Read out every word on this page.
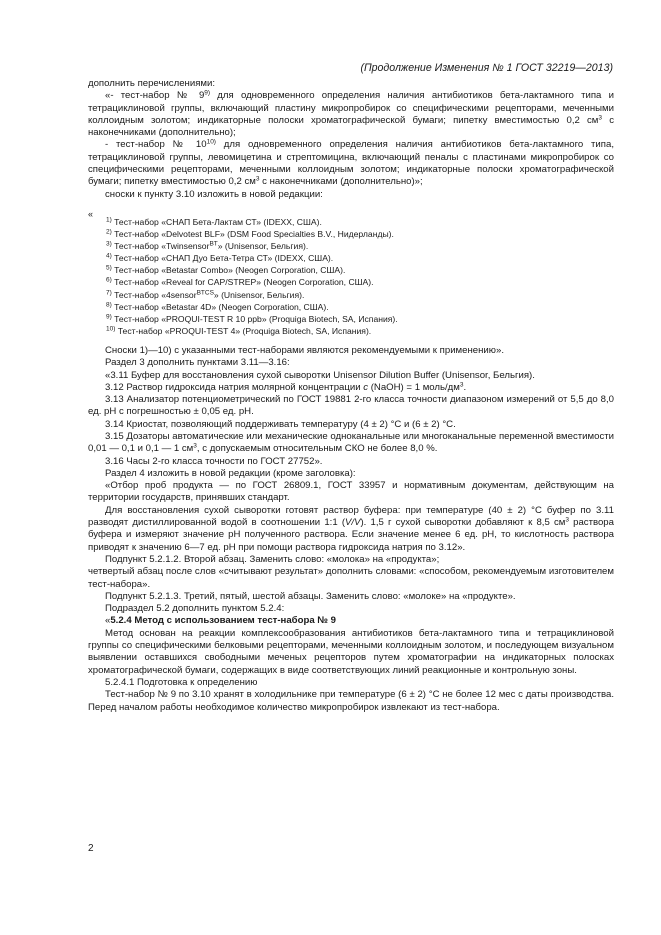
(Продолжение Изменения № 1 ГОСТ 32219—2013)

дополнить перечислениями:

«- тест-набор № 9$^{9)}$ для одновременного определения наличия антибиотиков бета-лактамного типа и тетрациклиновой группы, включающий пластину микропробирок со специфическими рецепторами, меченными коллоидным золотом; индикаторные полоски хроматографической бумаги; пипетку вместимостью 0,2 $см^3$ с наконечниками (дополнительно);

- тест-набор № 10$^{10)}$ для одновременного определения наличия антибиотиков бета-лактамного типа, тетрациклиновой группы, левомицетина и стрептомицина, включающий пеналы с пластинами микропробирок со специфическими рецепторами, меченными коллоидным золотом; индикаторные полоски хроматографической бумаги; пипетку вместимостью 0,2 $см^3$ с наконечниками (дополнительно)»;

сноски к пункту 3.10 изложить в новой редакции:

«

$^{1)}$ Тест-набор «СНАП Бета-Лактам СТ» (IDEXX, США).

$^{2)}$ Тест-набор «Delvotest BLF» (DSM Food Specialties B.V., Нидерланды).

$^{3)}$ Тест-набор «Twinsensor$^{BT}$» (Unisensor, Бельгия).

$^{4)}$ Тест-набор «СНАП Дуо Бета-Тетра СТ» (IDEXX, США).

$^{5)}$ Тест-набор «Betastar Combo» (Neogen Corporation, США).

$^{6)}$ Тест-набор «Reveal for CAP/STREP» (Neogen Corporation, США).

$^{7)}$ Тест-набор «4sensor$^{BTCS}$» (Unisensor, Бельгия).

$^{8)}$ Тест-набор «Betastar 4D» (Neogen Corporation, США).

$^{9)}$ Тест-набор «PROQUI-TEST R 10 ppb» (Proquiga Biotech, SA, Испания).

$^{10)}$ Тест-набор «PROQUI-TEST 4» (Proquiga Biotech, SA, Испания).

Сноски 1)—10) с указанными тест-наборами являются рекомендуемыми к применению».

Раздел 3 дополнить пунктами 3.11—3.16:

«3.11 Буфер для восстановления сухой сыворотки Unisensor Dilution Buffer (Unisensor, Бельгия).

3.12 Раствор гидроксида натрия молярной концентрации с (NaOH) = 1 моль/$дм^3$.

3.13 Анализатор потенциометрический по ГОСТ 19881 2-го класса точности диапазоном измерений от 5,5 до 8,0 ед. pH с погрешностью ± 0,05 ед. pH.

3.14 Криостат, позволяющий поддерживать температуру (4 ± 2) °С и (6 ± 2) °С.

3.15 Дозаторы автоматические или механические одноканальные или многоканальные переменной вместимости 0,01 — 0,1 и 0,1 — 1 $см^3$, с допускаемым относительным СКО не более 8,0 %.

3.16 Часы 2-го класса точности по ГОСТ 27752».

Раздел 4 изложить в новой редакции (кроме заголовка):

«Отбор проб продукта — по ГОСТ 26809.1, ГОСТ 33957 и нормативным документам, действующим на территории государств, принявших стандарт.

Для восстановления сухой сыворотки готовят раствор буфера: при температуре (40 ± 2) °С буфер по 3.11 разводят дистиллированной водой в соотношении 1:1 (V/V). 1,5 г сухой сыворотки добавляют к 8,5 $см^3$ раствора буфера и измеряют значение pH полученного раствора. Если значение менее 6 ед. pH, то кислотность раствора приводят к значению 6—7 ед. pH при помощи раствора гидроксида натрия по 3.12».

Подпункт 5.2.1.2. Второй абзац. Заменить слово: «молока» на «продукта»;

четвертый абзац после слов «считывают результат» дополнить словами: «способом, рекомендуемым изготовителем тест-набора».

Подпункт 5.2.1.3. Третий, пятый, шестой абзацы. Заменить слово: «молоке» на «продукте».

Подраздел 5.2 дополнить пунктом 5.2.4:

«5.2.4 Метод с использованием тест-набора № 9

Метод основан на реакции комплексообразования антибиотиков бета-лактамного типа и тетрациклиновой группы со специфическими белковыми рецепторами, меченными коллоидным золотом, и последующем визуальном выявлении оставшихся свободными меченых рецепторов путем хроматографии на индикаторных полосках хроматографической бумаги, содержащих в виде соответствующих линий реакционные и контрольную зоны.

5.2.4.1 Подготовка к определению

Тест-набор № 9 по 3.10 хранят в холодильнике при температуре (6 ± 2) °С не более 12 мес с даты производства. Перед началом работы необходимое количество микропробирок извлекают из тест-набора.

2
